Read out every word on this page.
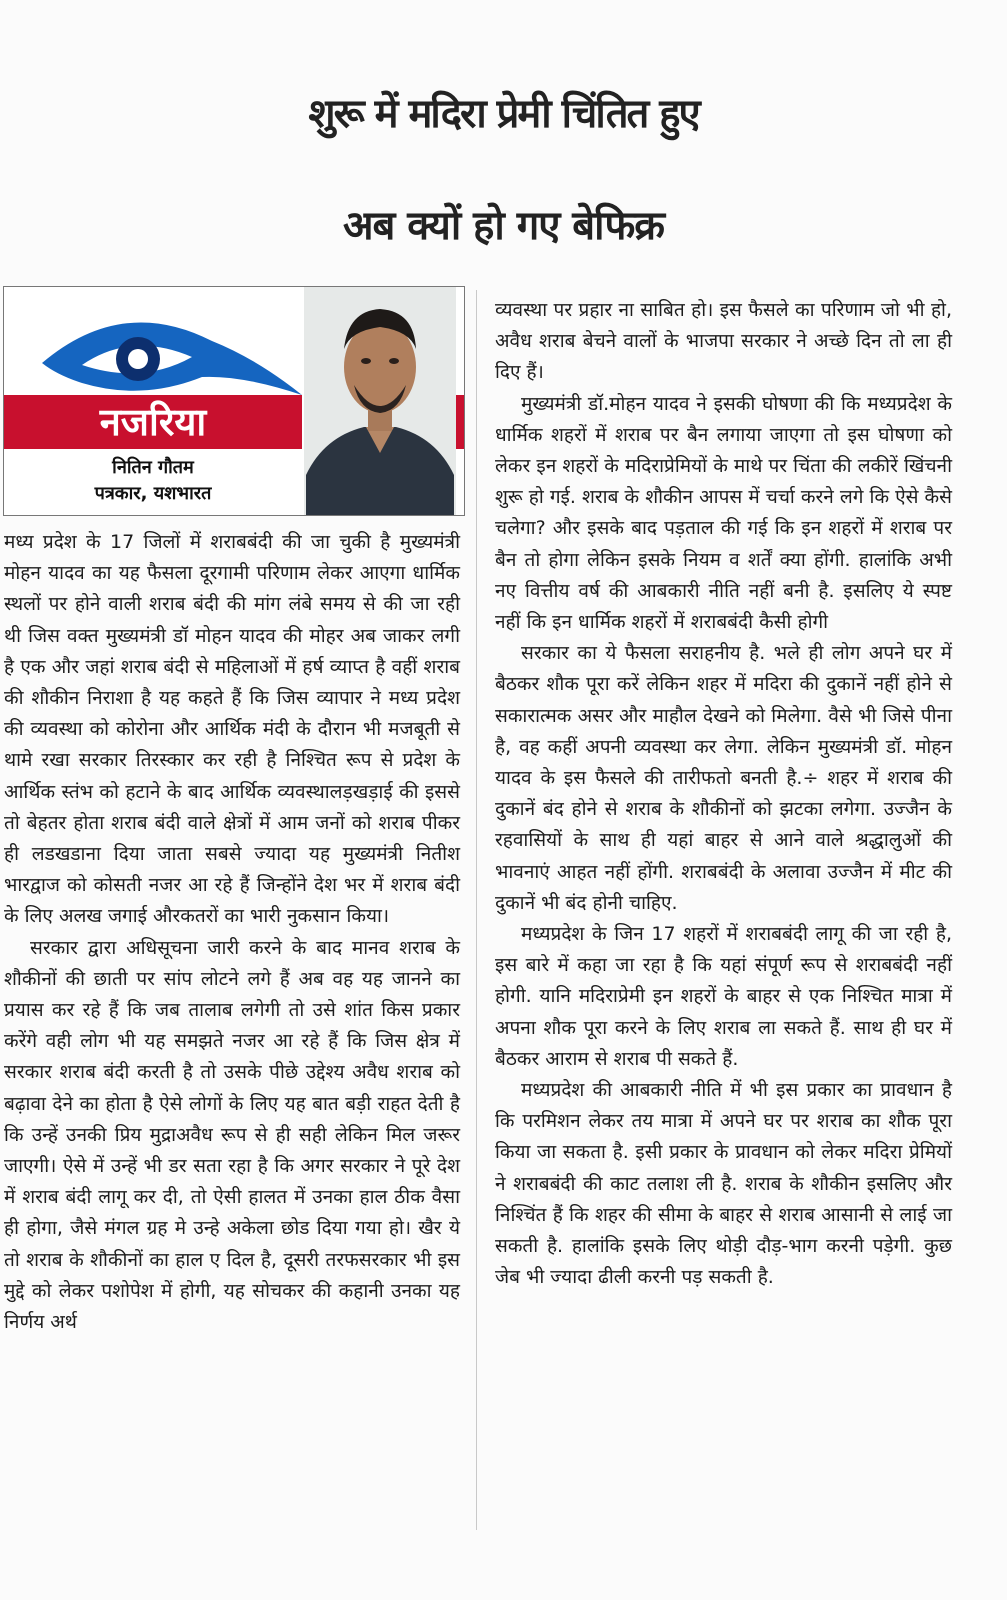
शुरू में मदिरा प्रेमी चिंतित हुए
अब क्यों हो गए बेफिक्र
नजरिया
नितिन गौतम
पत्रकार, यशभारत

मध्य प्रदेश के 17 जिलों में शराबबंदी की जा चुकी है मुख्यमंत्री मोहन यादव का यह फैसला दूरगामी परिणाम लेकर आएगा धार्मिक स्थलों पर होने वाली शराब बंदी की मांग लंबे समय से की जा रही थी जिस वक्त मुख्यमंत्री डॉ मोहन यादव की मोहर अब जाकर लगी है एक और जहां शराब बंदी से महिलाओं में हर्ष व्याप्त है वहीं शराब की शौकीन निराशा है यह कहते हैं कि जिस व्यापार ने मध्य प्रदेश की व्यवस्था को कोरोना और आर्थिक मंदी के दौरान भी मजबूती से थामे रखा सरकार तिरस्कार कर रही है निश्चित रूप से प्रदेश के आर्थिक स्तंभ को हटाने के बाद आर्थिक व्यवस्थालड़खड़ाई की इससे तो बेहतर होता शराब बंदी वाले क्षेत्रों में आम जनों को शराब पीकर ही लडखडाना दिया जाता सबसे ज्यादा यह मुख्यमंत्री नितीश भारद्वाज को कोसती नजर आ रहे हैं जिन्होंने देश भर में शराब बंदी के लिए अलख जगाई औरकतरों का भारी नुकसान किया।

सरकार द्वारा अधिसूचना जारी करने के बाद मानव शराब के शौकीनों की छाती पर सांप लोटने लगे हैं अब वह यह जानने का प्रयास कर रहे हैं कि जब तालाब लगेगी तो उसे शांत किस प्रकार करेंगे वही लोग भी यह समझते नजर आ रहे हैं कि जिस क्षेत्र में सरकार शराब बंदी करती है तो उसके पीछे उद्देश्य अवैध शराब को बढ़ावा देने का होता है ऐसे लोगों के लिए यह बात बड़ी राहत देती है कि उन्हें उनकी प्रिय मुद्राअवैध रूप से ही सही लेकिन मिल जरूर जाएगी। ऐसे में उन्हें भी डर सता रहा है कि अगर सरकार ने पूरे देश में शराब बंदी लागू कर दी, तो ऐसी हालत में उनका हाल ठीक वैसा ही होगा, जैसे मंगल ग्रह मे उन्हे अकेला छोड दिया गया हो। खैर ये तो शराब के शौकीनों का हाल ए दिल है, दूसरी तरफसरकार भी इस मुद्दे को लेकर पशोपेश में होगी, यह सोचकर की कहानी उनका यह निर्णय अर्थ

व्यवस्था पर प्रहार ना साबित हो। इस फैसले का परिणाम जो भी हो, अवैध शराब बेचने वालों के भाजपा सरकार ने अच्छे दिन तो ला ही दिए हैं।

मुख्यमंत्री डॉ.मोहन यादव ने इसकी घोषणा की कि मध्यप्रदेश के धार्मिक शहरों में शराब पर बैन लगाया जाएगा तो इस घोषणा को लेकर इन शहरों के मदिराप्रेमियों के माथे पर चिंता की लकीरें खिंचनी शुरू हो गई. शराब के शौकीन आपस में चर्चा करने लगे कि ऐसे कैसे चलेगा? और इसके बाद पड़ताल की गई कि इन शहरों में शराब पर बैन तो होगा लेकिन इसके नियम व शर्तें क्या होंगी. हालांकि अभी नए वित्तीय वर्ष की आबकारी नीति नहीं बनी है. इसलिए ये स्पष्ट नहीं कि इन धार्मिक शहरों में शराबबंदी कैसी होगी

सरकार का ये फैसला सराहनीय है. भले ही लोग अपने घर में बैठकर शौक पूरा करें लेकिन शहर में मदिरा की दुकानें नहीं होने से सकारात्मक असर और माहौल देखने को मिलेगा. वैसे भी जिसे पीना है, वह कहीं अपनी व्यवस्था कर लेगा. लेकिन मुख्यमंत्री डॉ. मोहन यादव के इस फैसले की तारीफतो बनती है.÷ शहर में शराब की दुकानें बंद होने से शराब के शौकीनों को झटका लगेगा. उज्जैन के रहवासियों के साथ ही यहां बाहर से आने वाले श्रद्धालुओं की भावनाएं आहत नहीं होंगी. शराबबंदी के अलावा उज्जैन में मीट की दुकानें भी बंद होनी चाहिए.

मध्यप्रदेश के जिन 17 शहरों में शराबबंदी लागू की जा रही है, इस बारे में कहा जा रहा है कि यहां संपूर्ण रूप से शराबबंदी नहीं होगी. यानि मदिराप्रेमी इन शहरों के बाहर से एक निश्चित मात्रा में अपना शौक पूरा करने के लिए शराब ला सकते हैं. साथ ही घर में बैठकर आराम से शराब पी सकते हैं.

मध्यप्रदेश की आबकारी नीति में भी इस प्रकार का प्रावधान है कि परमिशन लेकर तय मात्रा में अपने घर पर शराब का शौक पूरा किया जा सकता है. इसी प्रकार के प्रावधान को लेकर मदिरा प्रेमियों ने शराबबंदी की काट तलाश ली है. शराब के शौकीन इसलिए और निश्चिंत हैं कि शहर की सीमा के बाहर से शराब आसानी से लाई जा सकती है. हालांकि इसके लिए थोड़ी दौड़-भाग करनी पड़ेगी. कुछ जेब भी ज्यादा ढीली करनी पड़ सकती है.
